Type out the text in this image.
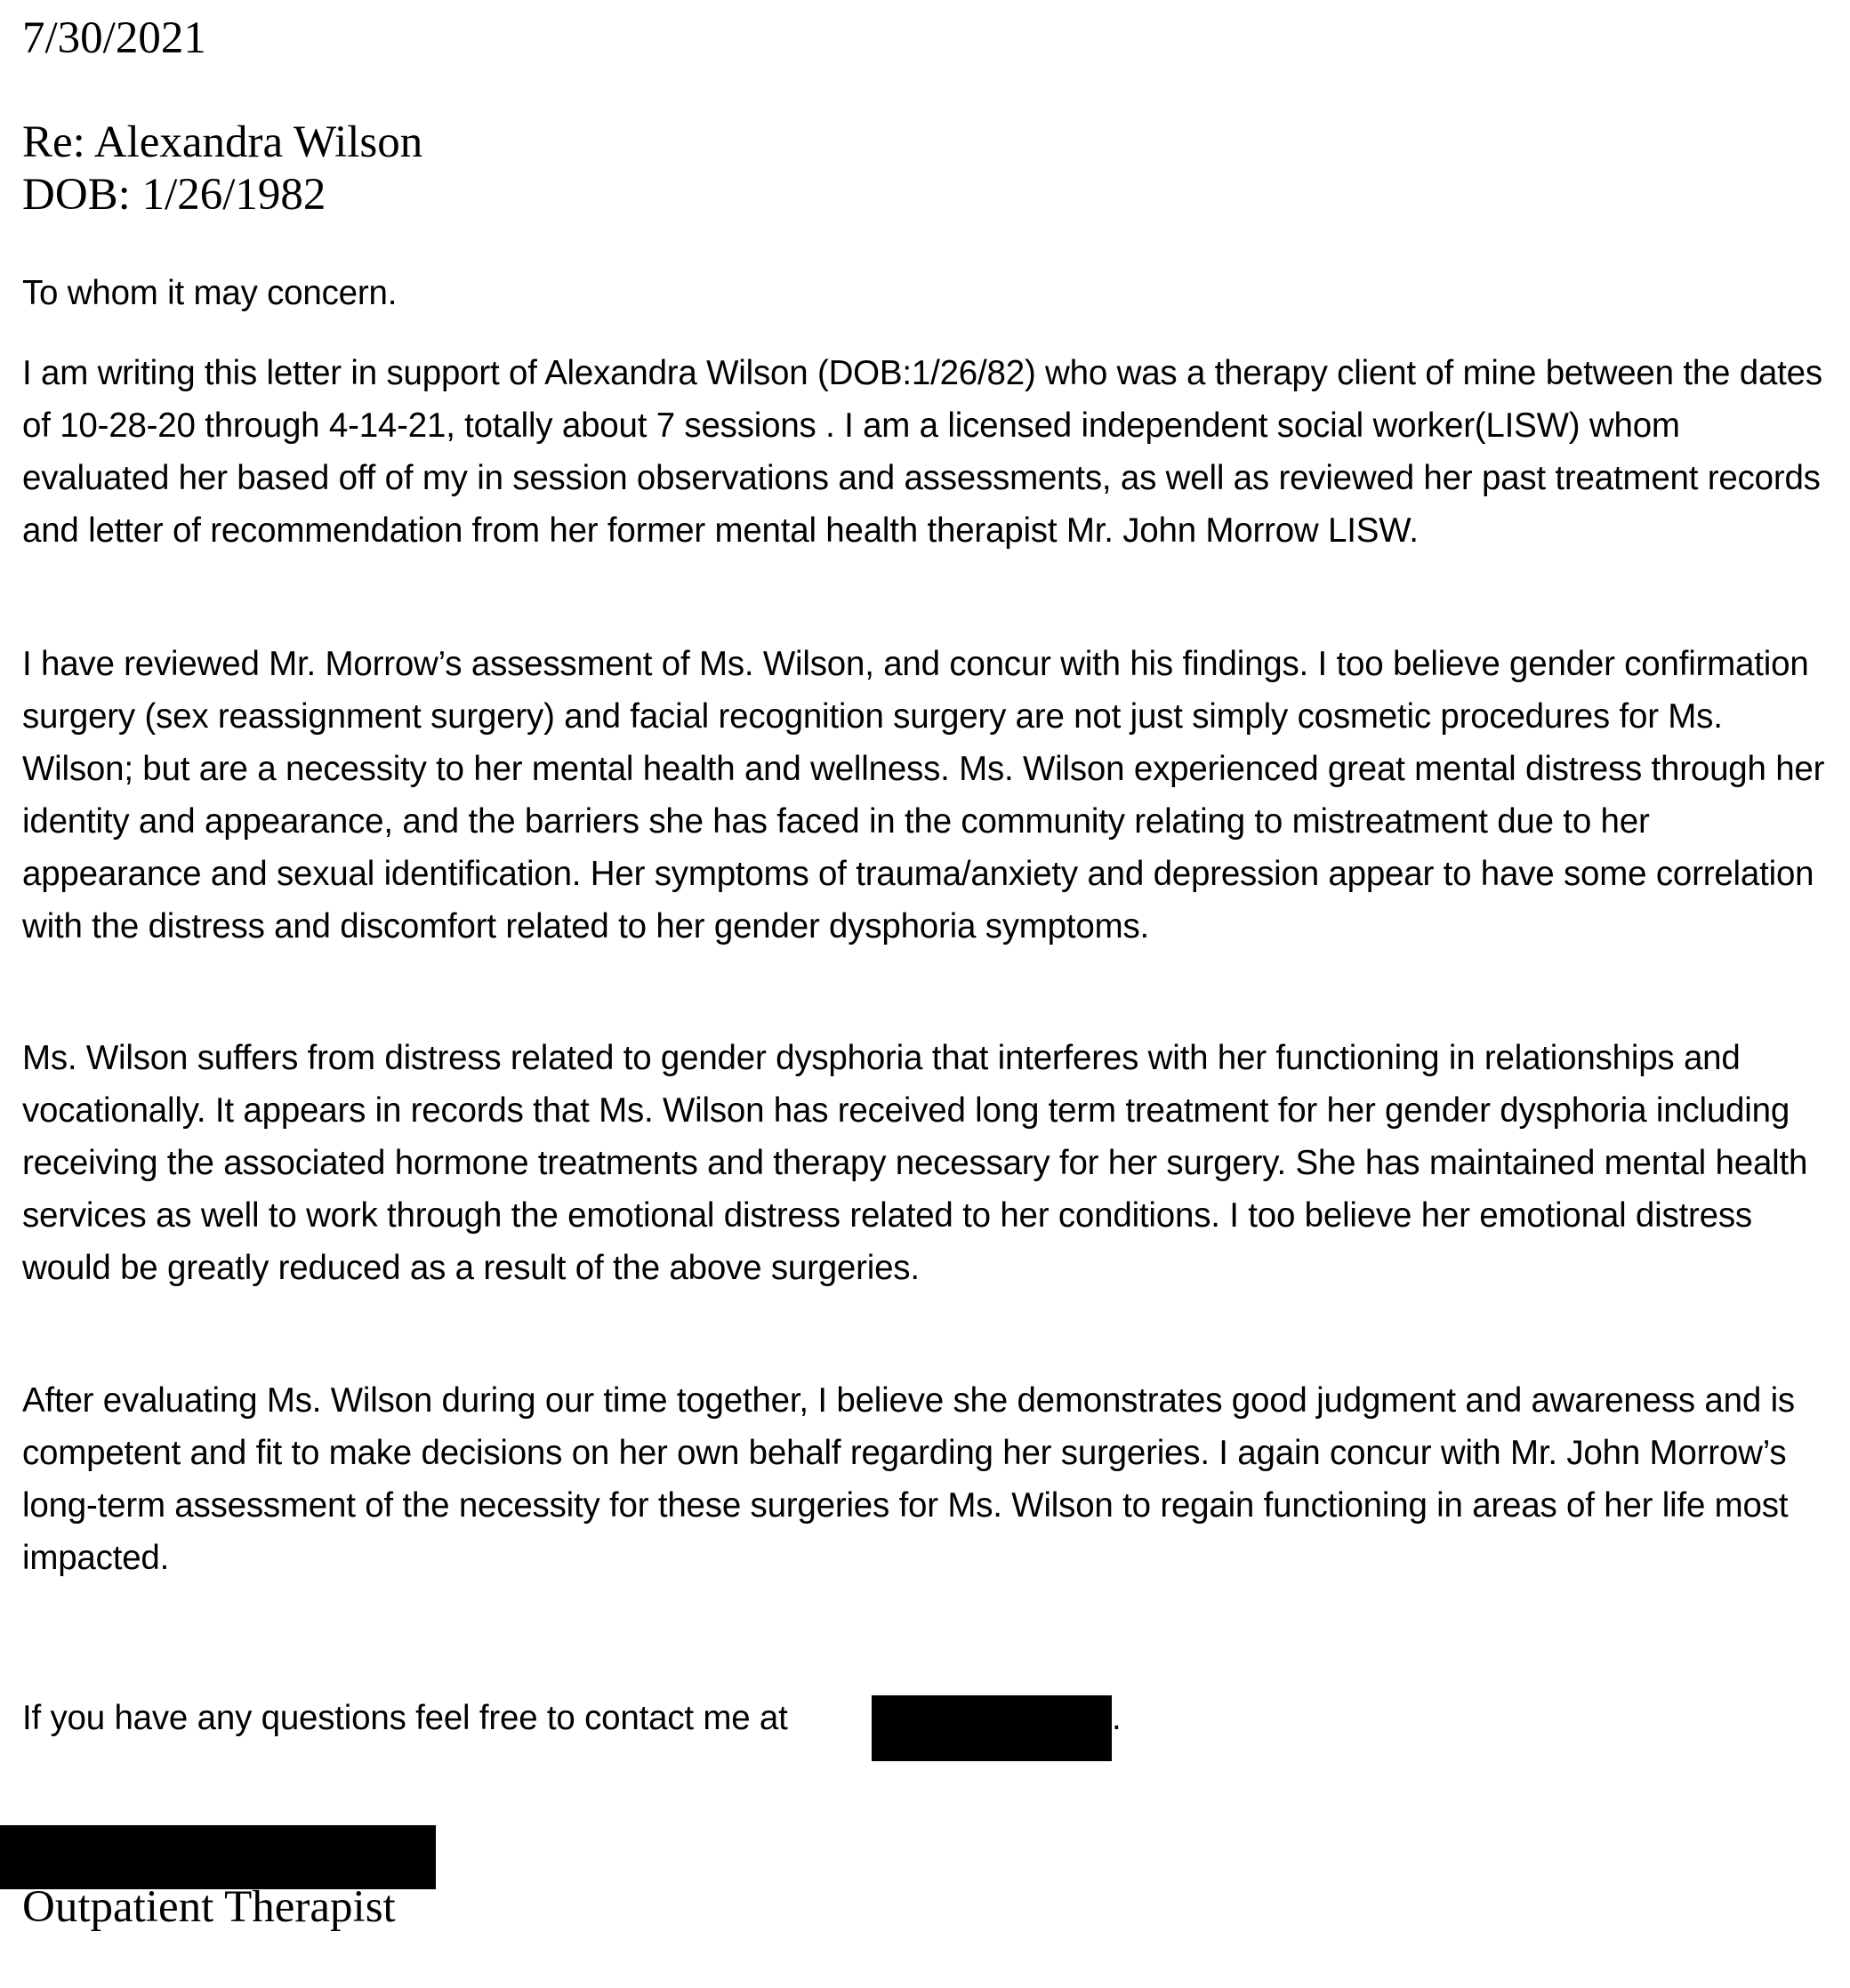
7/30/2021
Re: Alexandra Wilson
DOB: 1/26/1982
To whom it may concern.

I am writing this letter in support of Alexandra Wilson (DOB:1/26/82) who was a therapy client of mine between the dates of 10-28-20 through 4-14-21, totally about 7 sessions . I am a licensed independent social worker(LISW) whom evaluated her based off of my in session observations and assessments, as well as reviewed her past treatment records and letter of recommendation from her former mental health therapist Mr. John Morrow LISW.

I have reviewed Mr. Morrow’s assessment of Ms. Wilson, and concur with his findings. I too believe gender confirmation surgery (sex reassignment surgery) and facial recognition surgery are not just simply cosmetic procedures for Ms. Wilson; but are a necessity to her mental health and wellness. Ms. Wilson experienced great mental distress through her identity and appearance, and the barriers she has faced in the community relating to mistreatment due to her appearance and sexual identification. Her symptoms of trauma/anxiety and depression appear to have some correlation with the distress and discomfort related to her gender dysphoria symptoms.

Ms. Wilson suffers from distress related to gender dysphoria that interferes with her functioning in relationships and vocationally. It appears in records that Ms. Wilson has received long term treatment for her gender dysphoria including receiving the associated hormone treatments and therapy necessary for her surgery. She has maintained mental health services as well to work through the emotional distress related to her conditions. I too believe her emotional distress would be greatly reduced as a result of the above surgeries.

After evaluating Ms. Wilson during our time together, I believe she demonstrates good judgment and awareness and is competent and fit to make decisions on her own behalf regarding her surgeries. I again concur with Mr. John Morrow’s long-term assessment of the necessity for these surgeries for Ms. Wilson to regain functioning in areas of her life most impacted.

If you have any questions feel free to contact me at	.
Outpatient Therapist
